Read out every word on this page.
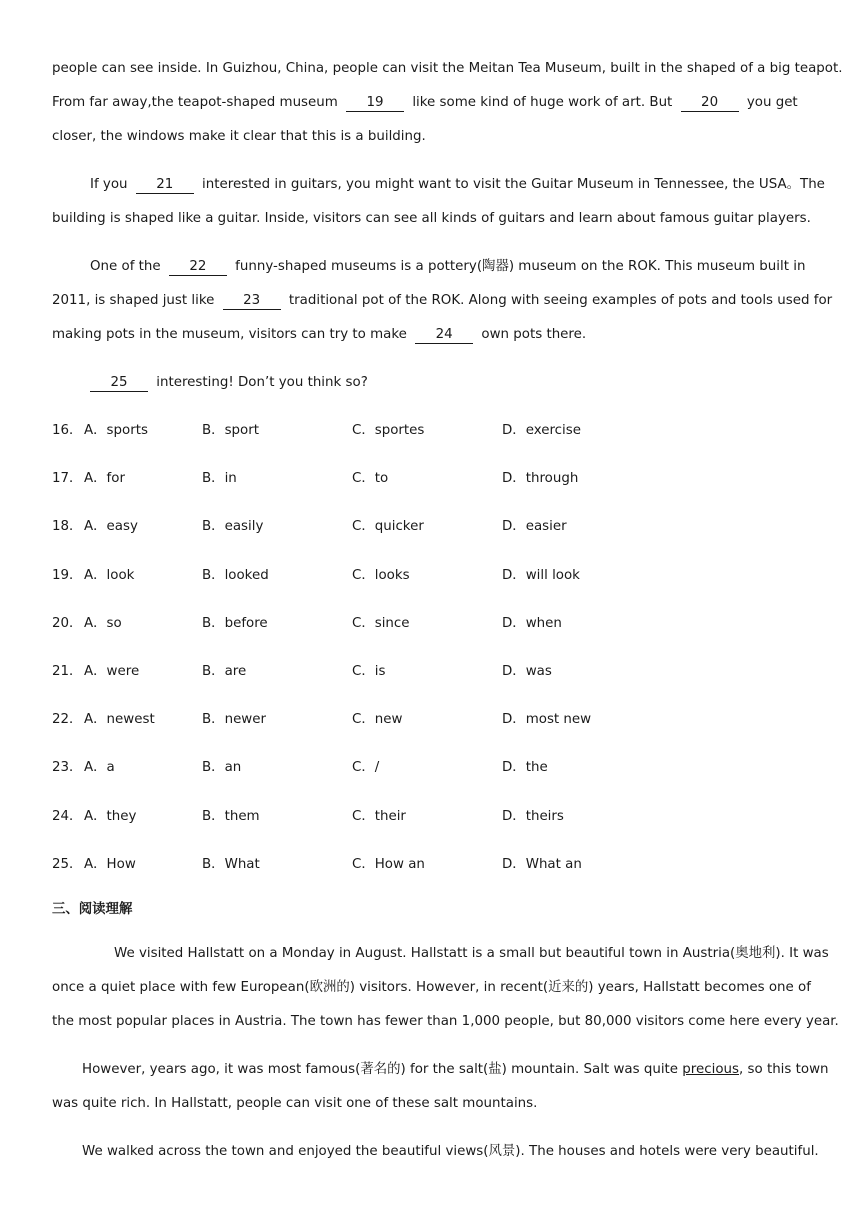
people can see inside. In Guizhou, China, people can visit the Meitan Tea Museum, built in the shaped of a big teapot.
From far away,the teapot-shaped museum 19 like some kind of huge work of art. But 20 you get
closer, the windows make it clear that this is a building.
If you 21 interested in guitars, you might want to visit the Guitar Museum in Tennessee, the USA。The
building is shaped like a guitar. Inside, visitors can see all kinds of guitars and learn about famous guitar players.
One of the 22 funny-shaped museums is a pottery(陶器) museum on the ROK. This museum built in
2011, is shaped just like 23 traditional pot of the ROK. Along with seeing examples of pots and tools used for
making pots in the museum, visitors can try to make 24 own pots there.
25 interesting! Don’t you think so?
16． A．sports	B．sport	C．sportes	D．exercise
17． A．for	B．in	C．to	D．through
18． A．easy	B．easily	C．quicker	D．easier
19． A．look	B．looked	C．looks	D．will look
20． A．so	B．before	C．since	D．when
21． A．were	B．are	C．is	D．was
22． A．newest	B．newer	C．new	D．most new
23． A．a	B．an	C．/	D．the
24． A．they	B．them	C．their	D．theirs
25． A．How	B．What	C．How an	D．What an
三、阅读理解
We visited Hallstatt on a Monday in August. Hallstatt is a small but beautiful town in Austria(奥地利). It was
once a quiet place with few European(欧洲的) visitors. However, in recent(近来的) years, Hallstatt becomes one of
the most popular places in Austria. The town has fewer than 1,000 people, but 80,000 visitors come here every year.
However, years ago, it was most famous(著名的) for the salt(盐) mountain. Salt was quite precious, so this town
was quite rich. In Hallstatt, people can visit one of these salt mountains.
We walked across the town and enjoyed the beautiful views(风景). The houses and hotels were very beautiful.
